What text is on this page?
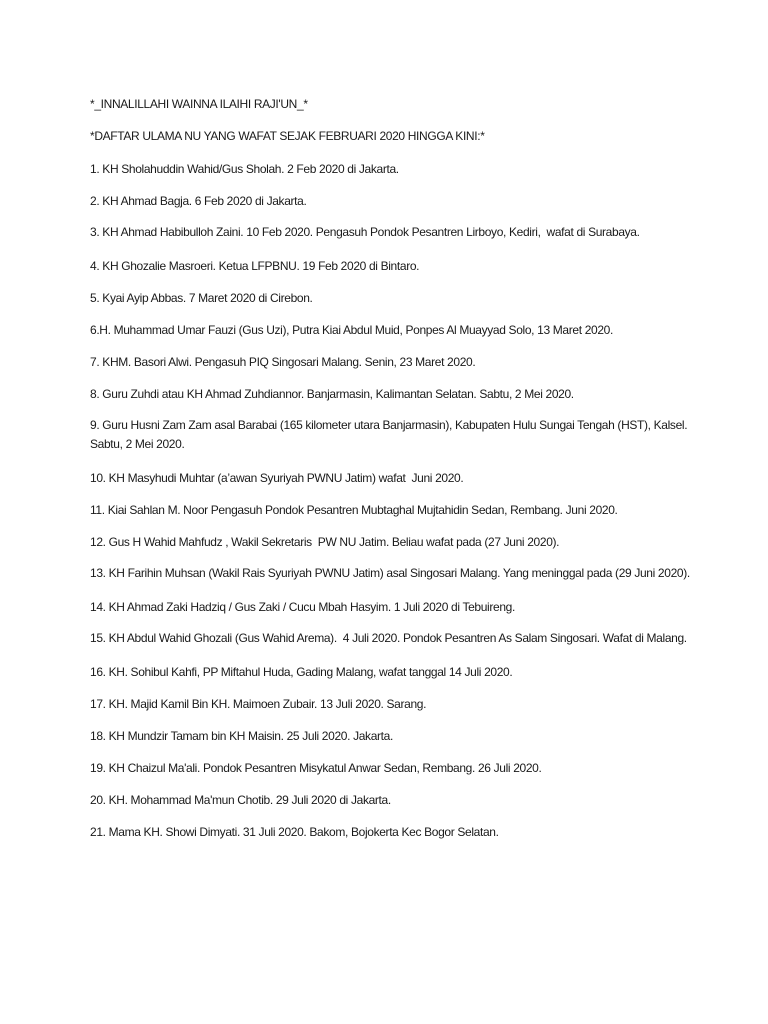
*_INNALILLAHI WAINNA ILAIHI RAJI'UN_*

*DAFTAR ULAMA NU YANG WAFAT SEJAK FEBRUARI 2020 HINGGA KINI:*

1. KH Sholahuddin Wahid/Gus Sholah. 2 Feb 2020 di Jakarta.

2. KH Ahmad Bagja. 6 Feb 2020 di Jakarta.

3. KH Ahmad Habibulloh Zaini. 10 Feb 2020. Pengasuh Pondok Pesantren Lirboyo, Kediri,  wafat di Surabaya.

4. KH Ghozalie Masroeri. Ketua LFPBNU. 19 Feb 2020 di Bintaro.

5. Kyai Ayip Abbas. 7 Maret 2020 di Cirebon.

6.H. Muhammad Umar Fauzi (Gus Uzi), Putra Kiai Abdul Muid, Ponpes Al Muayyad Solo, 13 Maret 2020.

7. KHM. Basori Alwi. Pengasuh PIQ Singosari Malang. Senin, 23 Maret 2020.

8. Guru Zuhdi atau KH Ahmad Zuhdiannor. Banjarmasin, Kalimantan Selatan. Sabtu, 2 Mei 2020.

9. Guru Husni Zam Zam asal Barabai (165 kilometer utara Banjarmasin), Kabupaten Hulu Sungai Tengah (HST), Kalsel. Sabtu, 2 Mei 2020.

10. KH Masyhudi Muhtar (a’awan Syuriyah PWNU Jatim) wafat  Juni 2020.

11. Kiai Sahlan M. Noor Pengasuh Pondok Pesantren Mubtaghal Mujtahidin Sedan, Rembang. Juni 2020.

12. Gus H Wahid Mahfudz , Wakil Sekretaris  PW NU Jatim. Beliau wafat pada (27 Juni 2020).

13. KH Farihin Muhsan (Wakil Rais Syuriyah PWNU Jatim) asal Singosari Malang. Yang meninggal pada (29 Juni 2020).

14. KH Ahmad Zaki Hadziq / Gus Zaki / Cucu Mbah Hasyim. 1 Juli 2020 di Tebuireng.

15. KH Abdul Wahid Ghozali (Gus Wahid Arema).  4 Juli 2020. Pondok Pesantren As Salam Singosari. Wafat di Malang.

16. KH. Sohibul Kahfi, PP Miftahul Huda, Gading Malang, wafat tanggal 14 Juli 2020.

17. KH. Majid Kamil Bin KH. Maimoen Zubair. 13 Juli 2020. Sarang.

18. KH Mundzir Tamam bin KH Maisin. 25 Juli 2020. Jakarta.

19. KH Chaizul Ma'ali. Pondok Pesantren Misykatul Anwar Sedan, Rembang. 26 Juli 2020.

20. KH. Mohammad Ma'mun Chotib. 29 Juli 2020 di Jakarta.

21. Mama KH. Showi Dimyati. 31 Juli 2020. Bakom, Bojokerta Kec Bogor Selatan.
